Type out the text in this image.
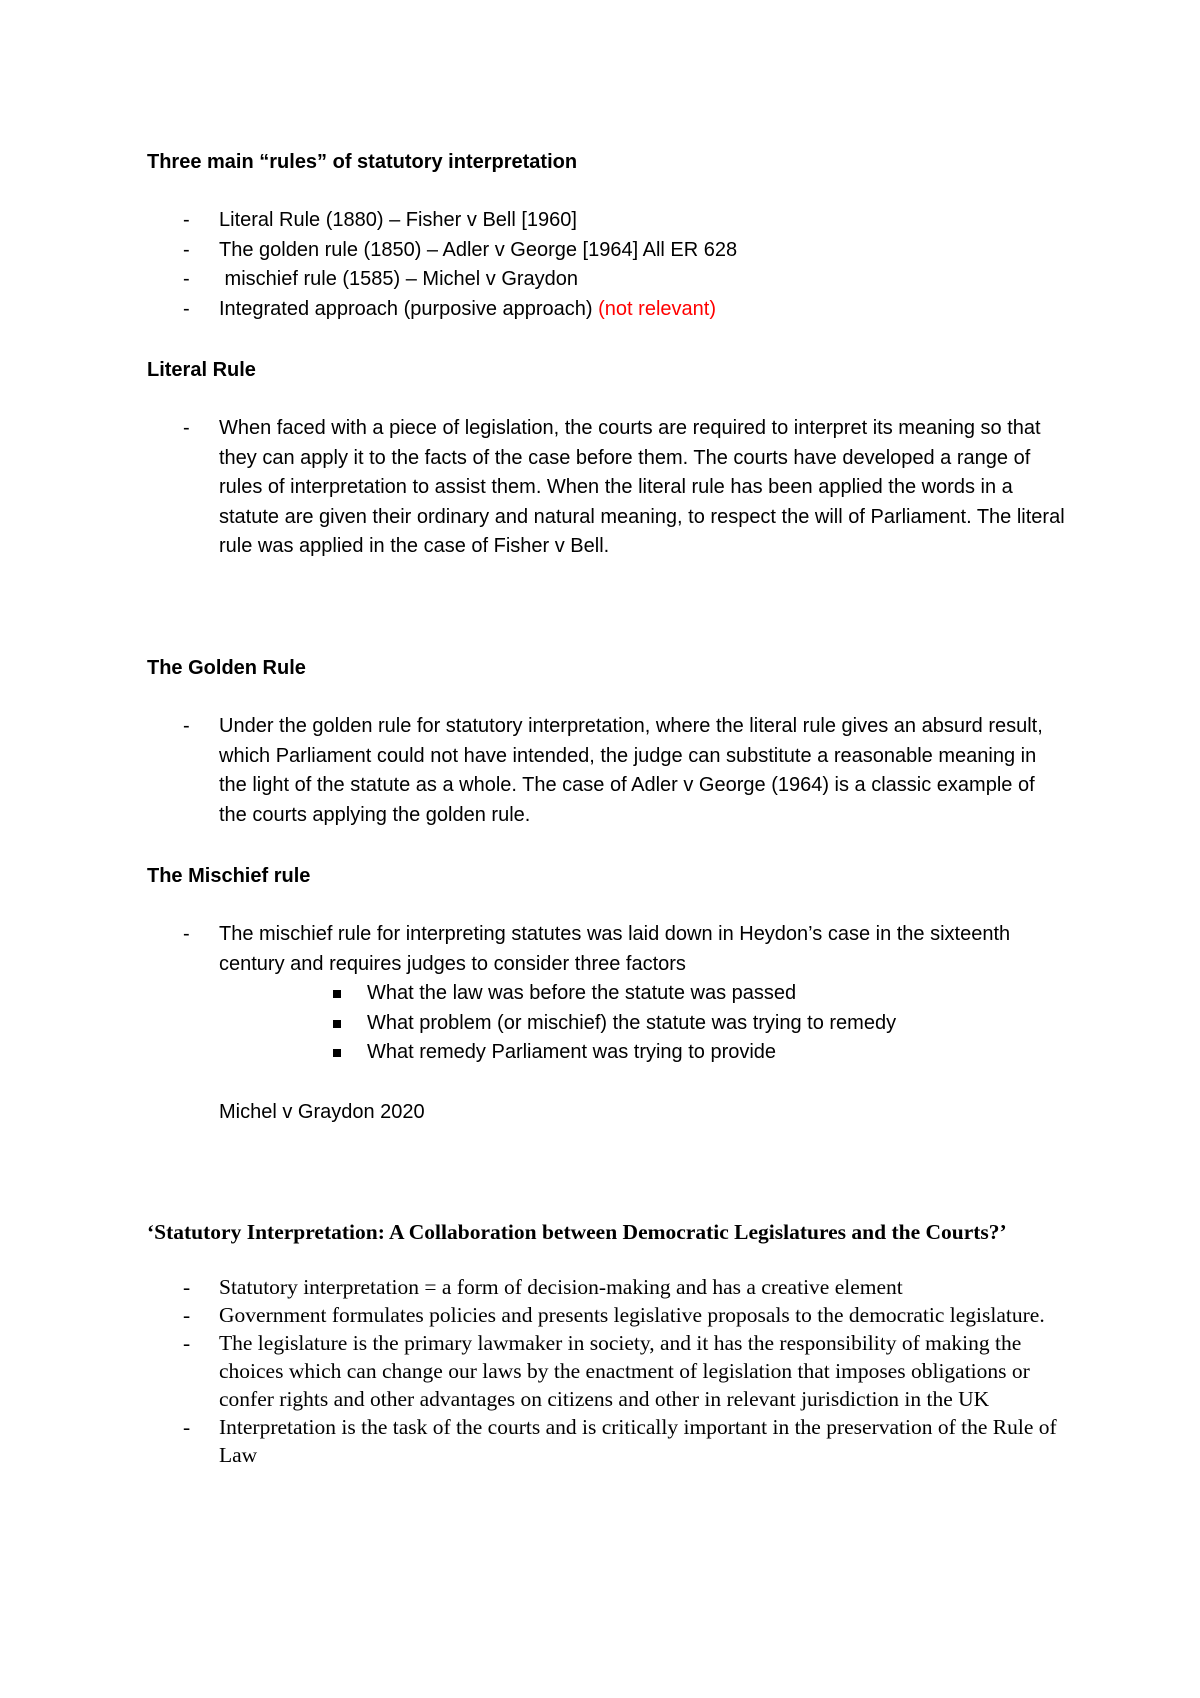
Three main “rules” of statutory interpretation
- Literal Rule (1880) – Fisher v Bell [1960]
- The golden rule (1850) – Adler v George [1964] All ER 628
- mischief rule (1585) – Michel v Graydon
- Integrated approach (purposive approach) (not relevant)
Literal Rule
- When faced with a piece of legislation, the courts are required to interpret its meaning so that they can apply it to the facts of the case before them. The courts have developed a range of rules of interpretation to assist them. When the literal rule has been applied the words in a statute are given their ordinary and natural meaning, to respect the will of Parliament. The literal rule was applied in the case of Fisher v Bell.
The Golden Rule
- Under the golden rule for statutory interpretation, where the literal rule gives an absurd result, which Parliament could not have intended, the judge can substitute a reasonable meaning in the light of the statute as a whole. The case of Adler v George (1964) is a classic example of the courts applying the golden rule.
The Mischief rule
- The mischief rule for interpreting statutes was laid down in Heydon’s case in the sixteenth century and requires judges to consider three factors
What the law was before the statute was passed
What problem (or mischief) the statute was trying to remedy
What remedy Parliament was trying to provide
Michel v Graydon 2020
‘Statutory Interpretation: A Collaboration between Democratic Legislatures and the Courts?’
- Statutory interpretation = a form of decision-making and has a creative element
- Government formulates policies and presents legislative proposals to the democratic legislature.
- The legislature is the primary lawmaker in society, and it has the responsibility of making the choices which can change our laws by the enactment of legislation that imposes obligations or confer rights and other advantages on citizens and other in relevant jurisdiction in the UK
- Interpretation is the task of the courts and is critically important in the preservation of the Rule of Law
